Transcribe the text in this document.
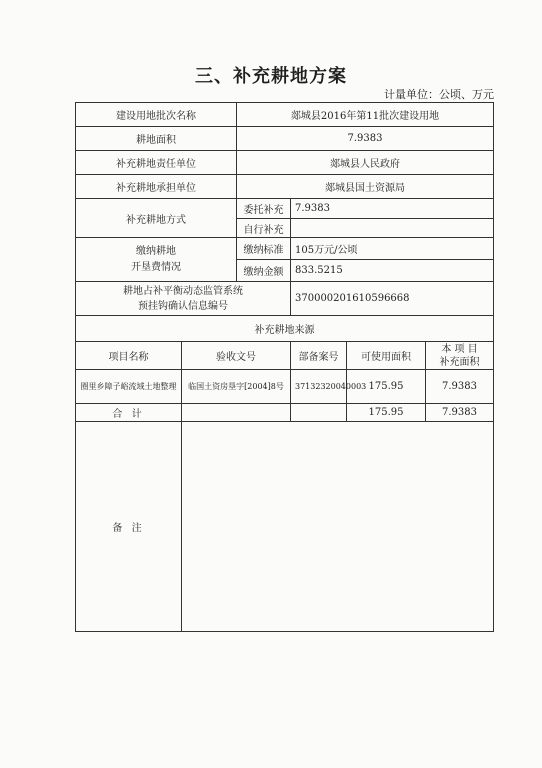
三、补充耕地方案
计量单位：公顷、万元
建设用地批次名称		郯城县2016年第11批次建设用地			
耕地面积		7.9383			
补充耕地责任单位		郯城县人民政府			
补充耕地承担单位		郯城县国土资源局			
补充耕地方式		委托补充	7.9383		
		自行补充			

缴纳耕地
开垦费情况		缴纳标准	105万元/公顷		
		缴纳金额	833.5215		

耕地占补平衡动态监管系统
预挂钩确认信息编号			370000201610596668		
补充耕地来源					
项目名称	验收文号		部备案号	可使用面积	本 项 目
补充面积

圈里乡障子峪流域土地整理	临国土资房垦字[2004]8号		37132320040003	175.95	7.9383
合 计				175.95	7.9383
备 注					
